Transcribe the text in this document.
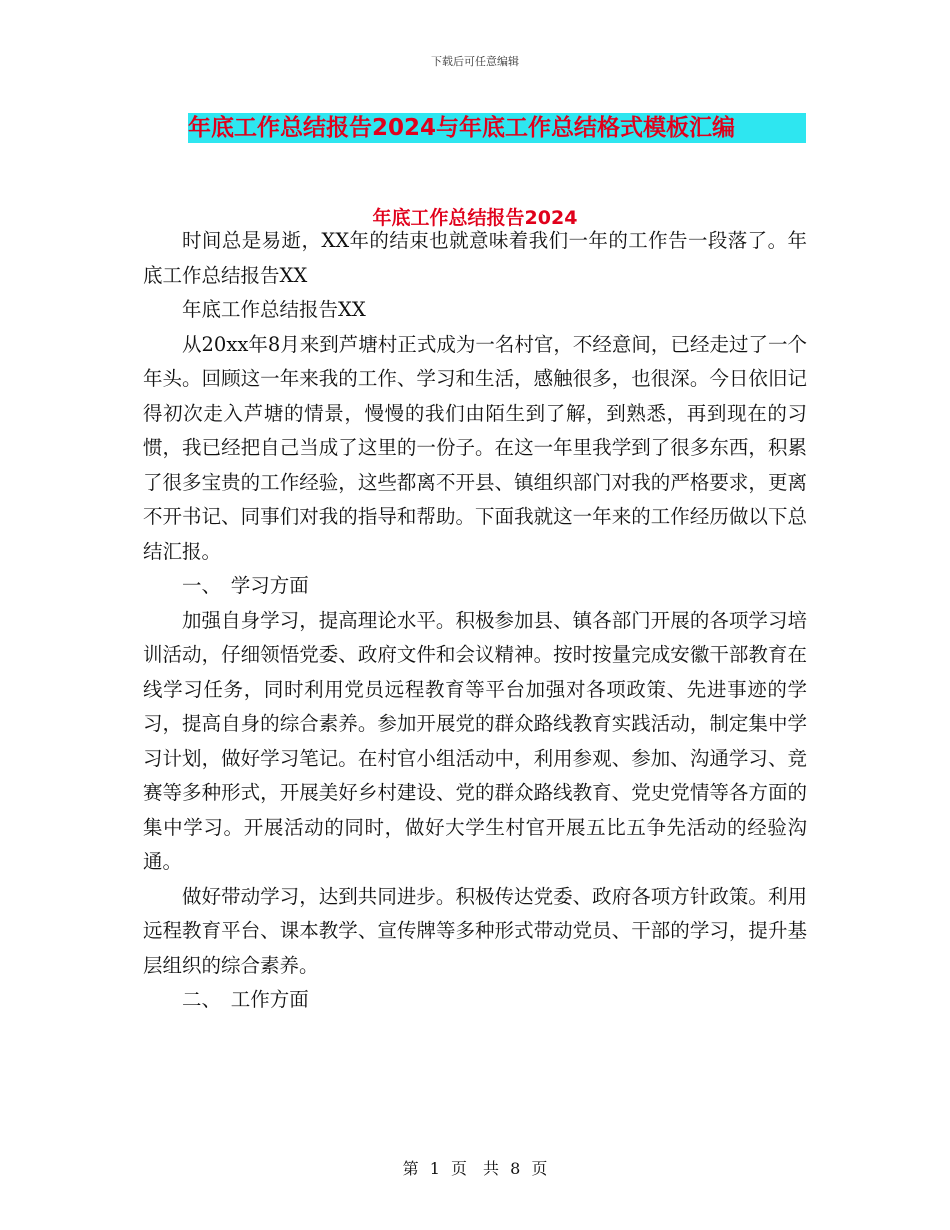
下载后可任意编辑
年底工作总结报告2024与年底工作总结格式模板汇编
年底工作总结报告2024

时间总是易逝，XX年的结束也就意味着我们一年的工作告一段落了。年底工作总结报告XX

年底工作总结报告XX

从20xx年8月来到芦塘村正式成为一名村官，不经意间，已经走过了一个年头。回顾这一年来我的工作、学习和生活，感触很多，也很深。今日依旧记得初次走入芦塘的情景，慢慢的我们由陌生到了解，到熟悉，再到现在的习惯，我已经把自己当成了这里的一份子。在这一年里我学到了很多东西，积累了很多宝贵的工作经验，这些都离不开县、镇组织部门对我的严格要求，更离不开书记、同事们对我的指导和帮助。下面我就这一年来的工作经历做以下总结汇报。

一、　学习方面

加强自身学习，提高理论水平。积极参加县、镇各部门开展的各项学习培训活动，仔细领悟党委、政府文件和会议精神。按时按量完成安徽干部教育在线学习任务，同时利用党员远程教育等平台加强对各项政策、先进事迹的学习，提高自身的综合素养。参加开展党的群众路线教育实践活动，制定集中学习计划，做好学习笔记。在村官小组活动中，利用参观、参加、沟通学习、竞赛等多种形式，开展美好乡村建设、党的群众路线教育、党史党情等各方面的集中学习。开展活动的同时，做好大学生村官开展五比五争先活动的经验沟通。

做好带动学习，达到共同进步。积极传达党委、政府各项方针政策。利用远程教育平台、课本教学、宣传牌等多种形式带动党员、干部的学习，提升基层组织的综合素养。

二、　工作方面

第 1 页　共 8 页
